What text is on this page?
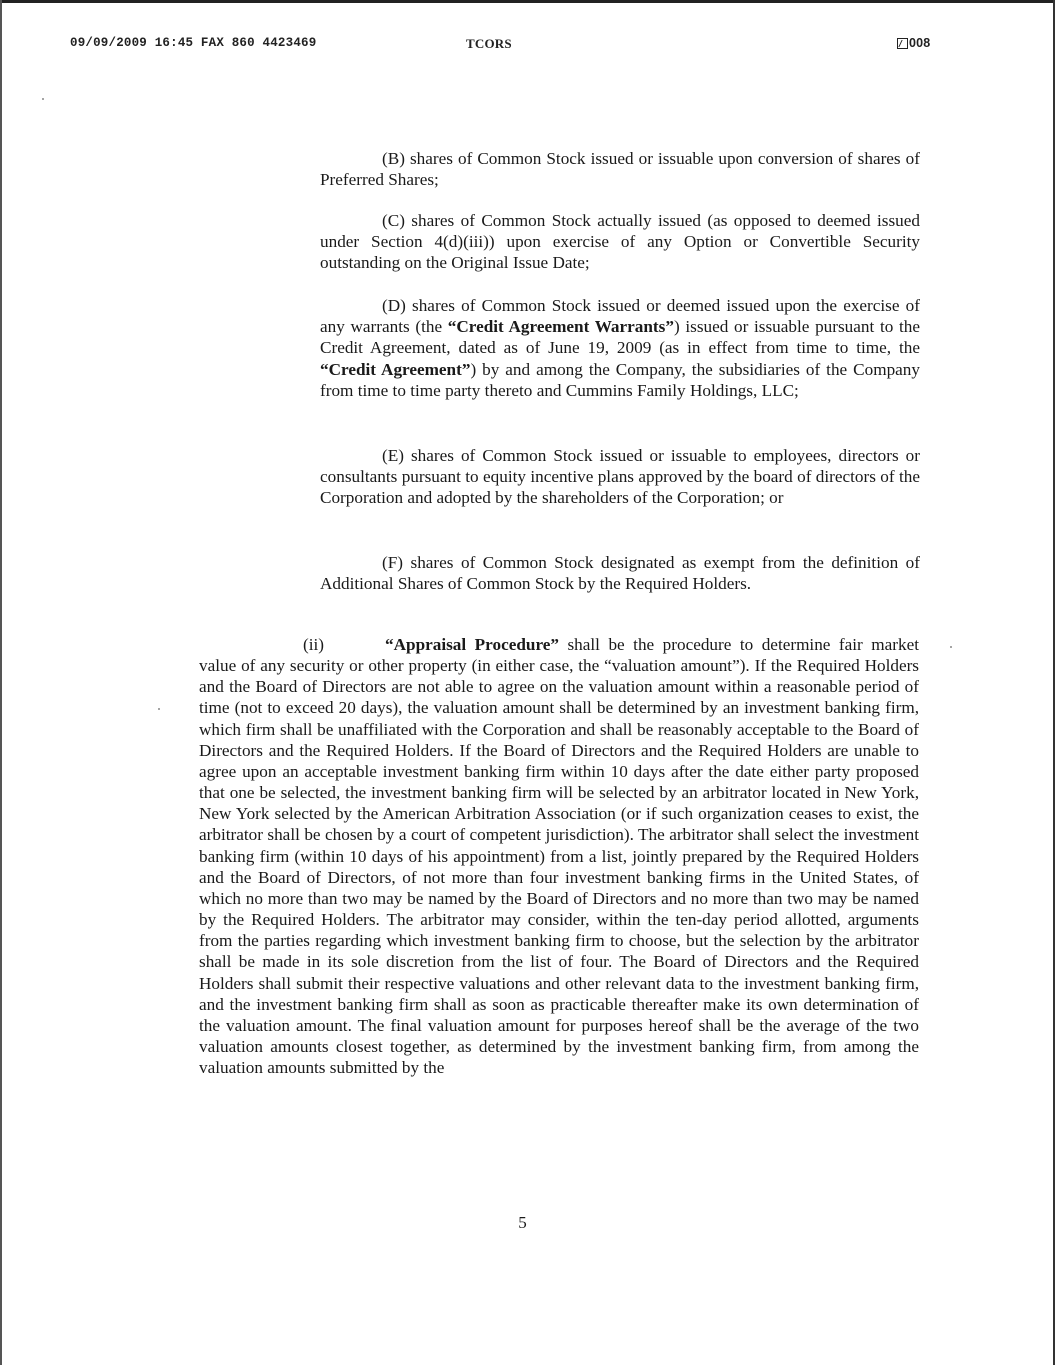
09/09/2009 16:45 FAX 860 4423469	TCORS	008

(B) shares of Common Stock issued or issuable upon conversion of shares of Preferred Shares;

(C) shares of Common Stock actually issued (as opposed to deemed issued under Section 4(d)(iii)) upon exercise of any Option or Convertible Security outstanding on the Original Issue Date;

(D) shares of Common Stock issued or deemed issued upon the exercise of any warrants (the “Credit Agreement Warrants”) issued or issuable pursuant to the Credit Agreement, dated as of June 19, 2009 (as in effect from time to time, the “Credit Agreement”) by and among the Company, the subsidiaries of the Company from time to time party thereto and Cummins Family Holdings, LLC;

(E) shares of Common Stock issued or issuable to employees, directors or consultants pursuant to equity incentive plans approved by the board of directors of the Corporation and adopted by the shareholders of the Corporation; or

(F) shares of Common Stock designated as exempt from the definition of Additional Shares of Common Stock by the Required Holders.

(ii)	“Appraisal Procedure” shall be the procedure to determine fair market value of any security or other property (in either case, the “valuation amount”). If the Required Holders and the Board of Directors are not able to agree on the valuation amount within a reasonable period of time (not to exceed 20 days), the valuation amount shall be determined by an investment banking firm, which firm shall be unaffiliated with the Corporation and shall be reasonably acceptable to the Board of Directors and the Required Holders. If the Board of Directors and the Required Holders are unable to agree upon an acceptable investment banking firm within 10 days after the date either party proposed that one be selected, the investment banking firm will be selected by an arbitrator located in New York, New York selected by the American Arbitration Association (or if such organization ceases to exist, the arbitrator shall be chosen by a court of competent jurisdiction). The arbitrator shall select the investment banking firm (within 10 days of his appointment) from a list, jointly prepared by the Required Holders and the Board of Directors, of not more than four investment banking firms in the United States, of which no more than two may be named by the Board of Directors and no more than two may be named by the Required Holders. The arbitrator may consider, within the ten-day period allotted, arguments from the parties regarding which investment banking firm to choose, but the selection by the arbitrator shall be made in its sole discretion from the list of four. The Board of Directors and the Required Holders shall submit their respective valuations and other relevant data to the investment banking firm, and the investment banking firm shall as soon as practicable thereafter make its own determination of the valuation amount. The final valuation amount for purposes hereof shall be the average of the two valuation amounts closest together, as determined by the investment banking firm, from among the valuation amounts submitted by the

5
